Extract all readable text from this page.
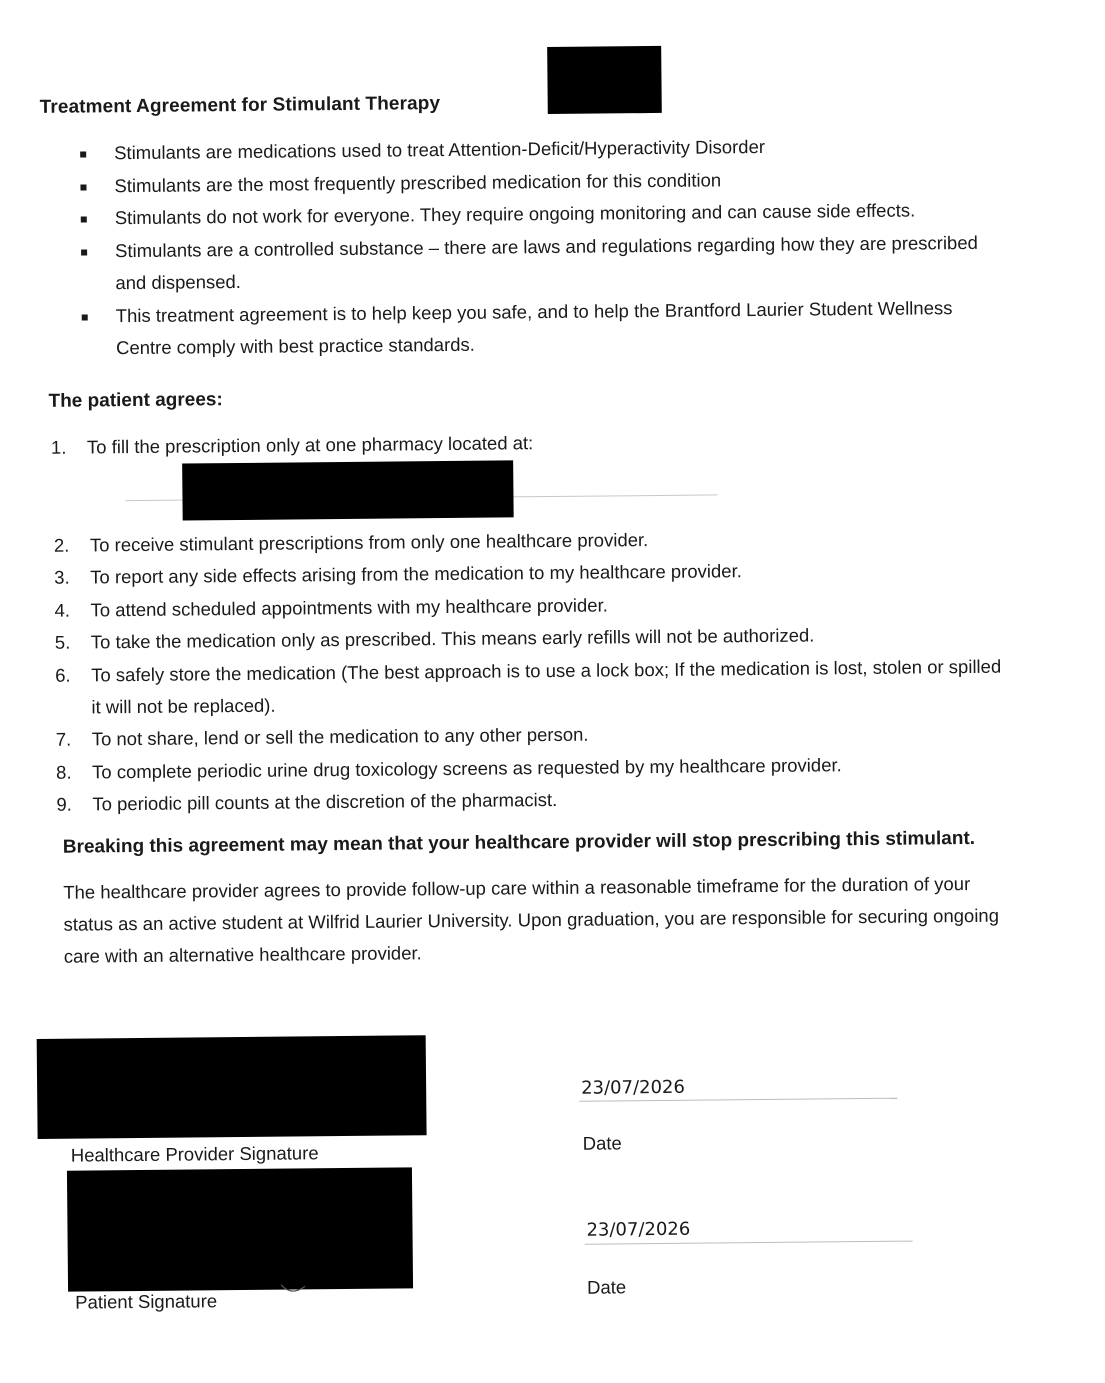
Treatment Agreement for Stimulant Therapy
Stimulants are medications used to treat Attention-Deficit/Hyperactivity Disorder
Stimulants are the most frequently prescribed medication for this condition
Stimulants do not work for everyone. They require ongoing monitoring and can cause side effects.
Stimulants are a controlled substance – there are laws and regulations regarding how they are prescribed and dispensed.
This treatment agreement is to help keep you safe, and to help the Brantford Laurier Student Wellness Centre comply with best practice standards.
The patient agrees:
1. To fill the prescription only at one pharmacy located at:
2.	To receive stimulant prescriptions from only one healthcare provider.
3.	To report any side effects arising from the medication to my healthcare provider.
4.	To attend scheduled appointments with my healthcare provider.
5.	To take the medication only as prescribed. This means early refills will not be authorized.
6.	To safely store the medication (The best approach is to use a lock box; If the medication is lost, stolen or spilled it will not be replaced).
7.	To not share, lend or sell the medication to any other person.
8.	To complete periodic urine drug toxicology screens as requested by my healthcare provider.
9.	To periodic pill counts at the discretion of the pharmacist.
Breaking this agreement may mean that your healthcare provider will stop prescribing this stimulant.
The healthcare provider agrees to provide follow-up care within a reasonable timeframe for the duration of your status as an active student at Wilfrid Laurier University. Upon graduation, you are responsible for securing ongoing care with an alternative healthcare provider.
Healthcare Provider Signature
23/07/2026
Date
Patient Signature
23/07/2026
Date
